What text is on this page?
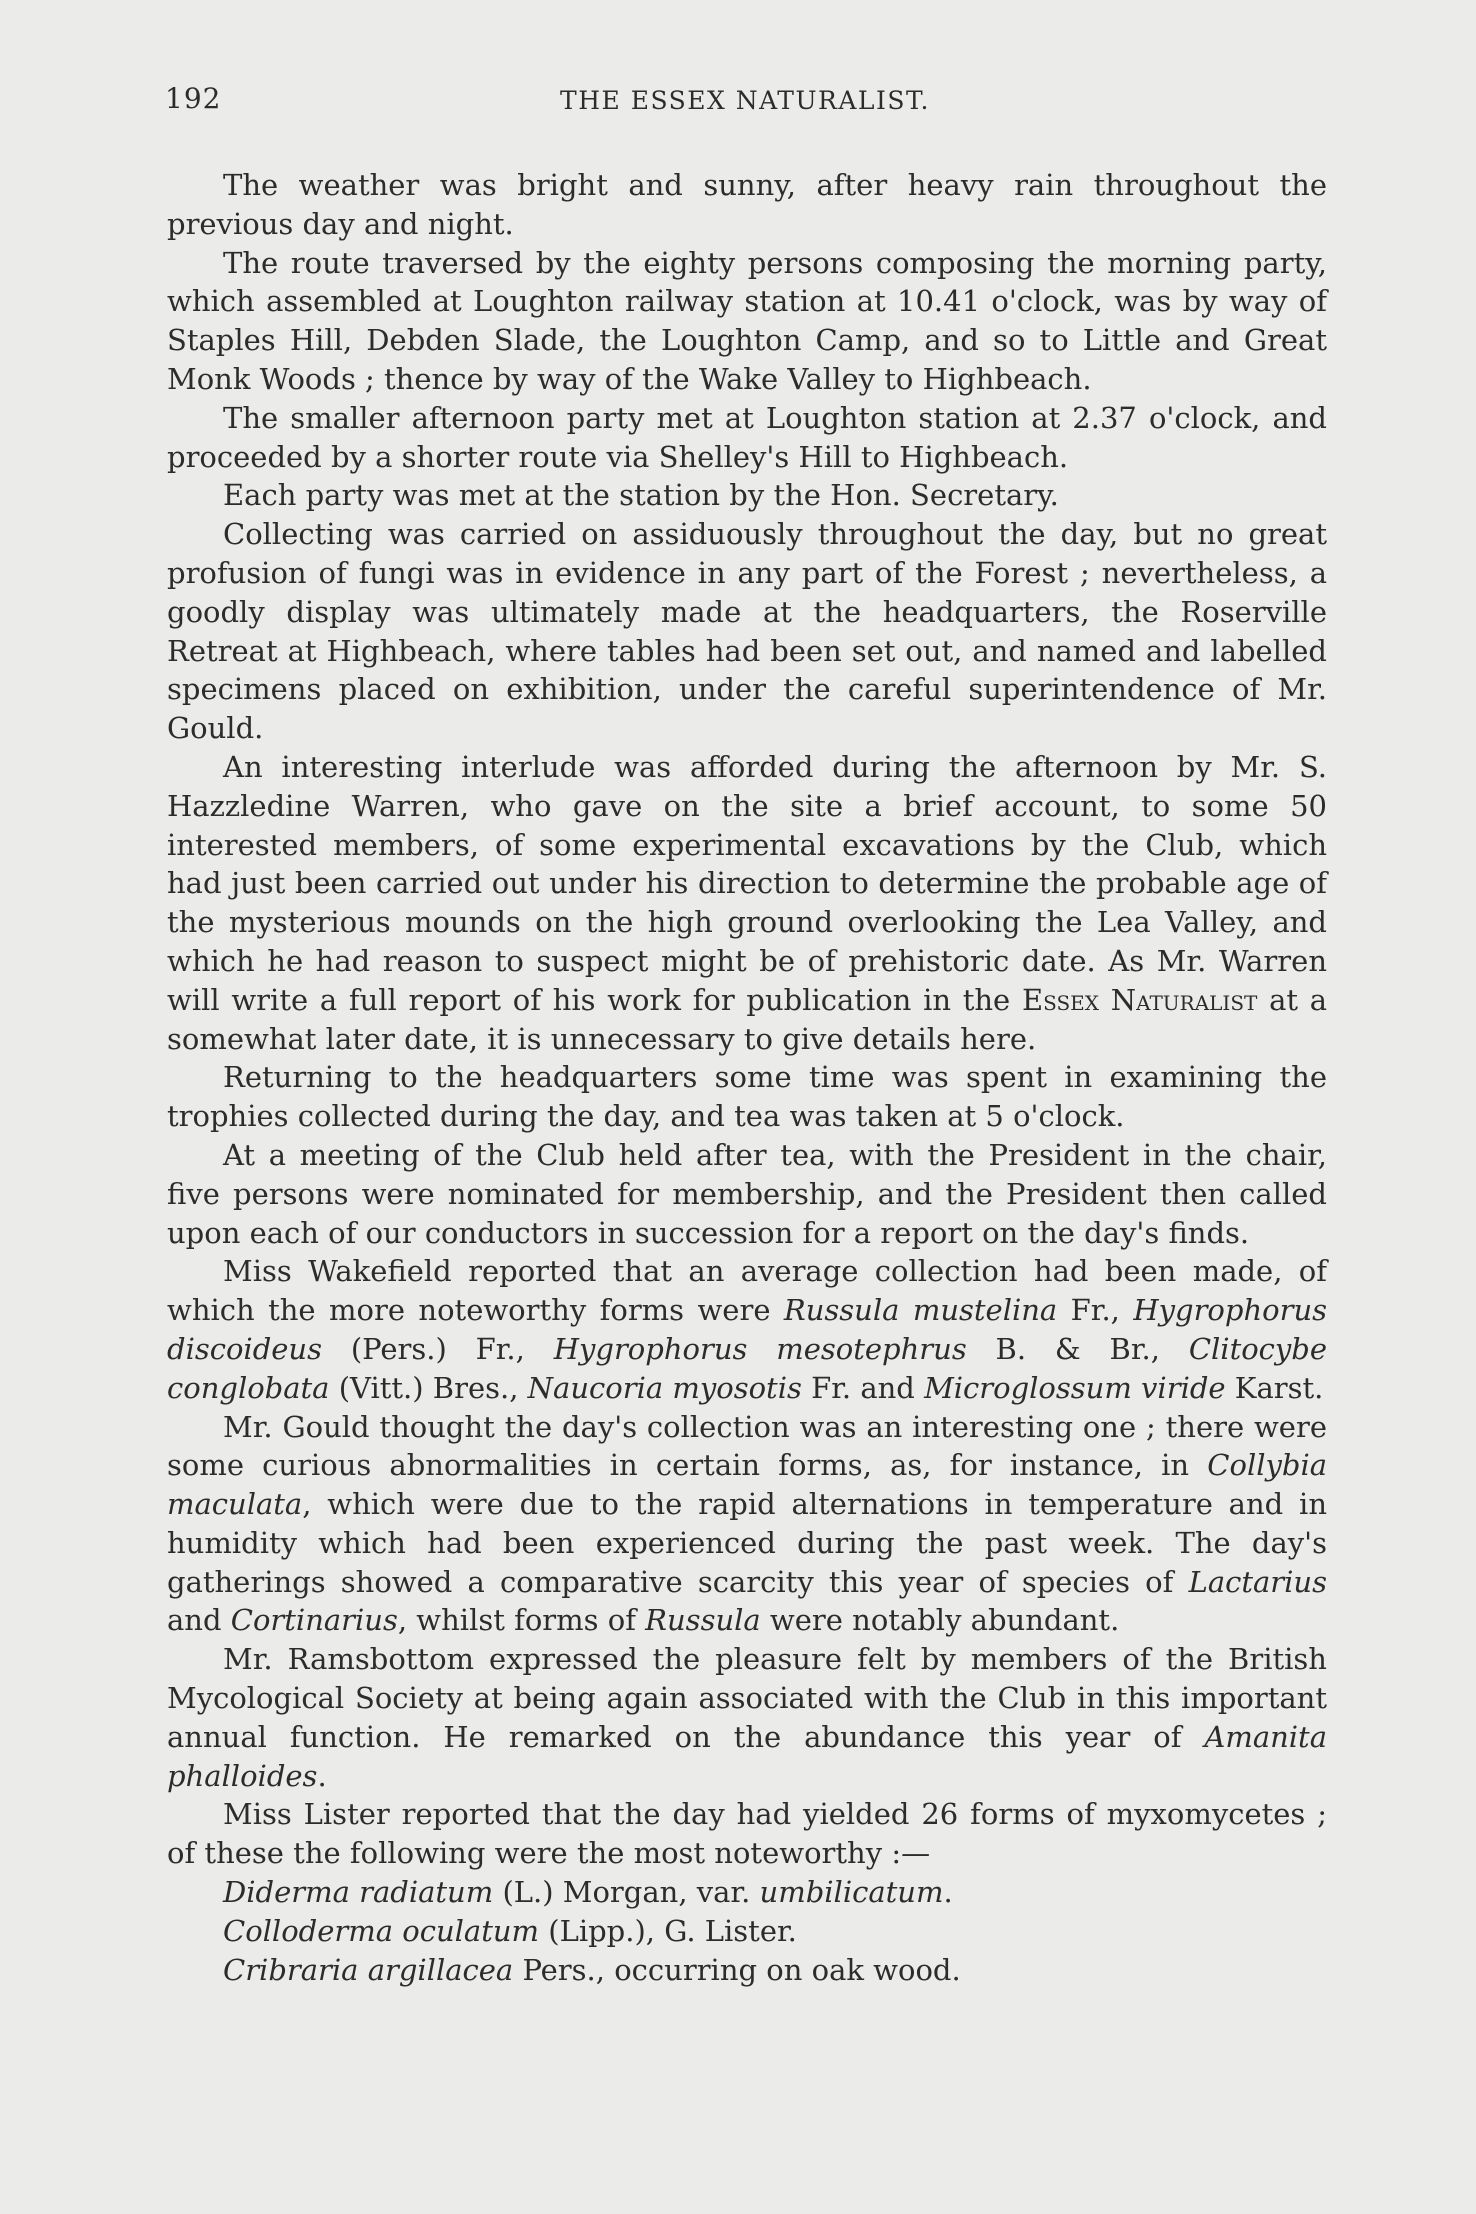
192	THE ESSEX NATURALIST.

The weather was bright and sunny, after heavy rain throughout the previous day and night.

The route traversed by the eighty persons composing the morning party, which assembled at Loughton railway station at 10.41 o'clock, was by way of Staples Hill, Debden Slade, the Loughton Camp, and so to Little and Great Monk Woods ; thence by way of the Wake Valley to Highbeach.

The smaller afternoon party met at Loughton station at 2.37 o'clock, and proceeded by a shorter route via Shelley's Hill to Highbeach.

Each party was met at the station by the Hon. Secretary.

Collecting was carried on assiduously throughout the day, but no great profusion of fungi was in evidence in any part of the Forest ; nevertheless, a goodly display was ultimately made at the headquarters, the Roserville Retreat at Highbeach, where tables had been set out, and named and labelled specimens placed on exhibition, under the careful superintendence of Mr. Gould.

An interesting interlude was afforded during the afternoon by Mr. S. Hazzledine Warren, who gave on the site a brief account, to some 50 interested members, of some experimental excavations by the Club, which had just been carried out under his direction to determine the probable age of the mysterious mounds on the high ground overlooking the Lea Valley, and which he had reason to suspect might be of prehistoric date. As Mr. Warren will write a full report of his work for publication in the Essex Naturalist at a somewhat later date, it is unnecessary to give details here.

Returning to the headquarters some time was spent in examining the trophies collected during the day, and tea was taken at 5 o'clock.

At a meeting of the Club held after tea, with the President in the chair, five persons were nominated for membership, and the President then called upon each of our conductors in succession for a report on the day's finds.

Miss Wakefield reported that an average collection had been made, of which the more noteworthy forms were Russula mustelina Fr., Hygrophorus discoideus (Pers.) Fr., Hygrophorus mesotephrus B. & Br., Clitocybe conglobata (Vitt.) Bres., Naucoria myosotis Fr. and Microglossum viride Karst.

Mr. Gould thought the day's collection was an interesting one ; there were some curious abnormalities in certain forms, as, for instance, in Collybia maculata, which were due to the rapid alternations in temperature and in humidity which had been experienced during the past week. The day's gatherings showed a comparative scarcity this year of species of Lactarius and Cortinarius, whilst forms of Russula were notably abundant.

Mr. Ramsbottom expressed the pleasure felt by members of the British Mycological Society at being again associated with the Club in this important annual function. He remarked on the abundance this year of Amanita phalloides.

Miss Lister reported that the day had yielded 26 forms of myxomycetes ; of these the following were the most noteworthy :—

Diderma radiatum (L.) Morgan, var. umbilicatum.
Colloderma oculatum (Lipp.), G. Lister.
Cribraria argillacea Pers., occurring on oak wood.
